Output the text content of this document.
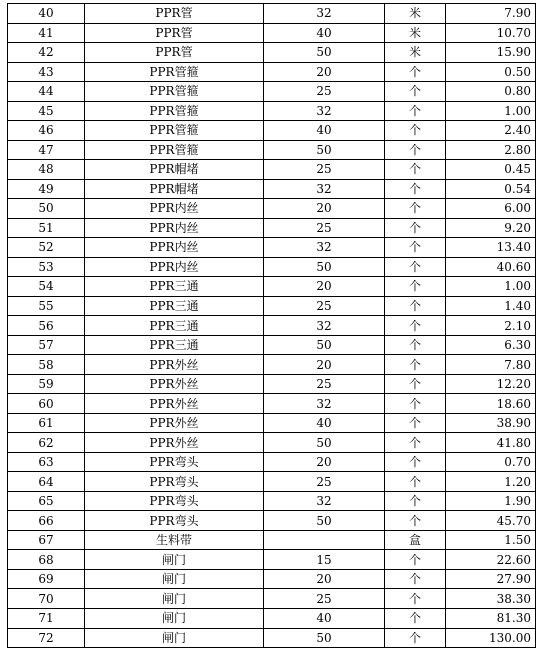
40	PPR管	32	米	7.90
41	PPR管	40	米	10.70
42	PPR管	50	米	15.90
43	PPR管箍	20	个	0.50
44	PPR管箍	25	个	0.80
45	PPR管箍	32	个	1.00
46	PPR管箍	40	个	2.40
47	PPR管箍	50	个	2.80
48	PPR帽堵	25	个	0.45
49	PPR帽堵	32	个	0.54
50	PPR内丝	20	个	6.00
51	PPR内丝	25	个	9.20
52	PPR内丝	32	个	13.40
53	PPR内丝	50	个	40.60
54	PPR三通	20	个	1.00
55	PPR三通	25	个	1.40
56	PPR三通	32	个	2.10
57	PPR三通	50	个	6.30
58	PPR外丝	20	个	7.80
59	PPR外丝	25	个	12.20
60	PPR外丝	32	个	18.60
61	PPR外丝	40	个	38.90
62	PPR外丝	50	个	41.80
63	PPR弯头	20	个	0.70
64	PPR弯头	25	个	1.20
65	PPR弯头	32	个	1.90
66	PPR弯头	50	个	45.70
67	生料带		盒	1.50
68	闸门	15	个	22.60
69	闸门	20	个	27.90
70	闸门	25	个	38.30
71	闸门	40	个	81.30
72	闸门	50	个	130.00
